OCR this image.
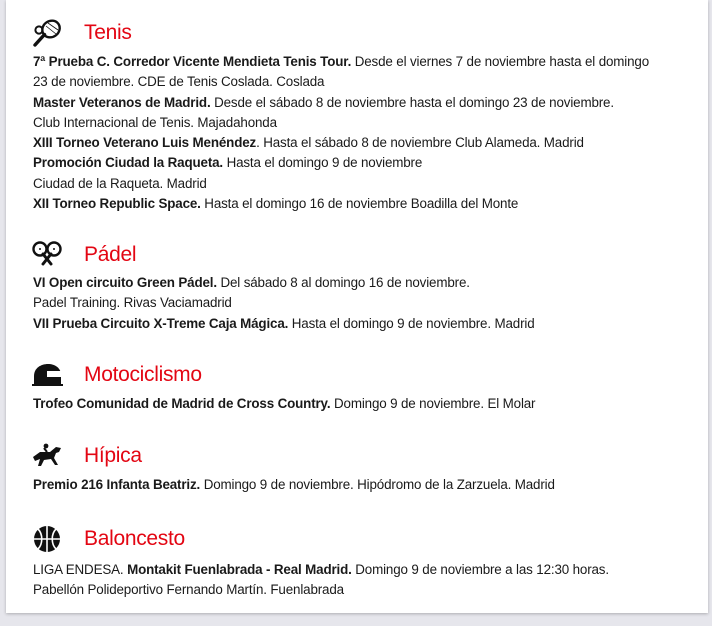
Tenis
7ª Prueba C. Corredor Vicente Mendieta Tenis Tour. Desde el viernes 7 de noviembre hasta el domingo
23 de noviembre. CDE de Tenis Coslada. Coslada
Master Veteranos de Madrid. Desde el sábado 8 de noviembre hasta el domingo 23 de noviembre.
Club Internacional de Tenis. Majadahonda
XIII Torneo Veterano Luis Menéndez. Hasta el sábado 8 de noviembre Club Alameda. Madrid
Promoción Ciudad la Raqueta. Hasta el domingo 9 de noviembre
Ciudad de la Raqueta. Madrid
XII Torneo Republic Space. Hasta el domingo 16 de noviembre Boadilla del Monte
Pádel
VI Open circuito Green Pádel. Del sábado 8 al domingo 16 de noviembre.
Padel Training. Rivas Vaciamadrid
VII Prueba Circuito X-Treme Caja Mágica. Hasta el domingo 9 de noviembre. Madrid
Motociclismo
Trofeo Comunidad de Madrid de Cross Country. Domingo 9 de noviembre. El Molar
Hípica
Premio 216 Infanta Beatriz. Domingo 9 de noviembre. Hipódromo de la Zarzuela. Madrid
Baloncesto
LIGA ENDESA. Montakit Fuenlabrada - Real Madrid. Domingo 9 de noviembre a las 12:30 horas.
Pabellón Polideportivo Fernando Martín. Fuenlabrada
